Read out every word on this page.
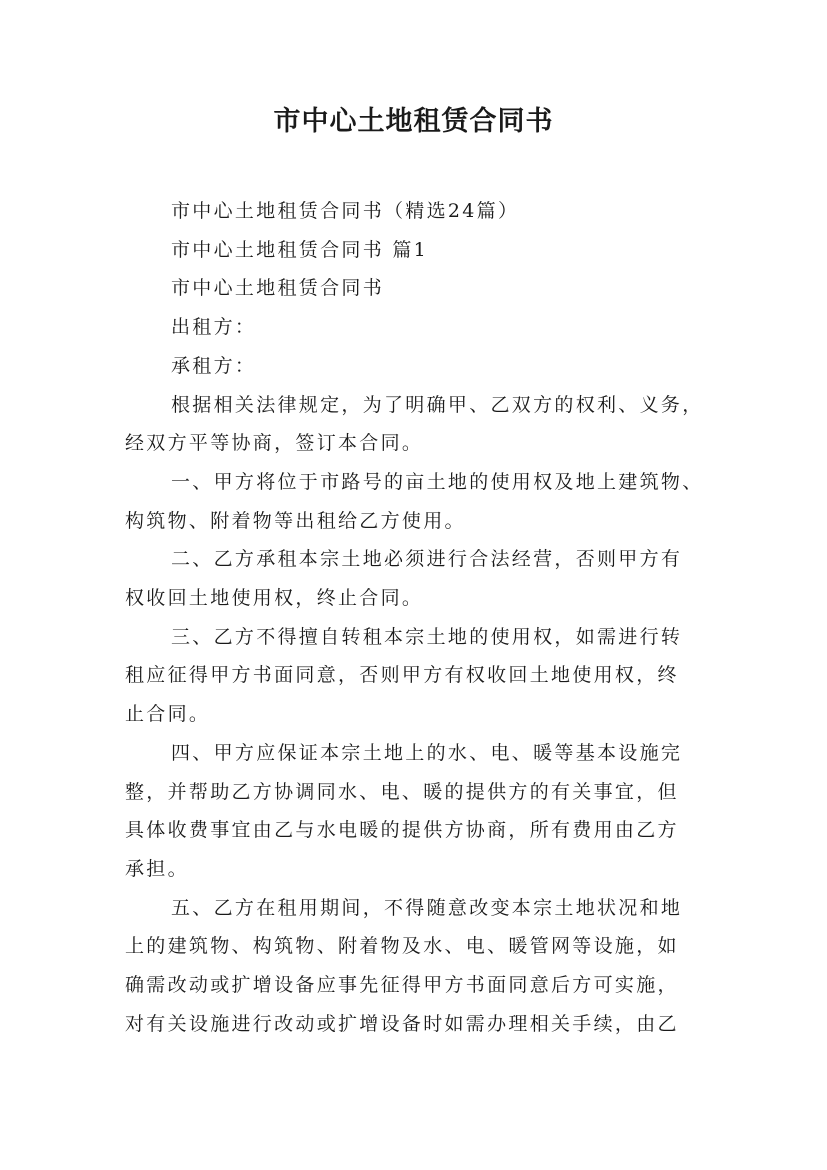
市中心土地租赁合同书

市中心土地租赁合同书（精选24篇）

市中心土地租赁合同书 篇1

市中心土地租赁合同书

出租方：

承租方：

根据相关法律规定，为了明确甲、乙双方的权利、义务，

经双方平等协商，签订本合同。

一、甲方将位于市路号的亩土地的使用权及地上建筑物、

构筑物、附着物等出租给乙方使用。

二、乙方承租本宗土地必须进行合法经营，否则甲方有

权收回土地使用权，终止合同。

三、乙方不得擅自转租本宗土地的使用权，如需进行转

租应征得甲方书面同意，否则甲方有权收回土地使用权，终

止合同。

四、甲方应保证本宗土地上的水、电、暖等基本设施完

整，并帮助乙方协调同水、电、暖的提供方的有关事宜，但

具体收费事宜由乙与水电暖的提供方协商，所有费用由乙方

承担。

五、乙方在租用期间，不得随意改变本宗土地状况和地

上的建筑物、构筑物、附着物及水、电、暖管网等设施，如

确需改动或扩增设备应事先征得甲方书面同意后方可实施，

对有关设施进行改动或扩增设备时如需办理相关手续，由乙
